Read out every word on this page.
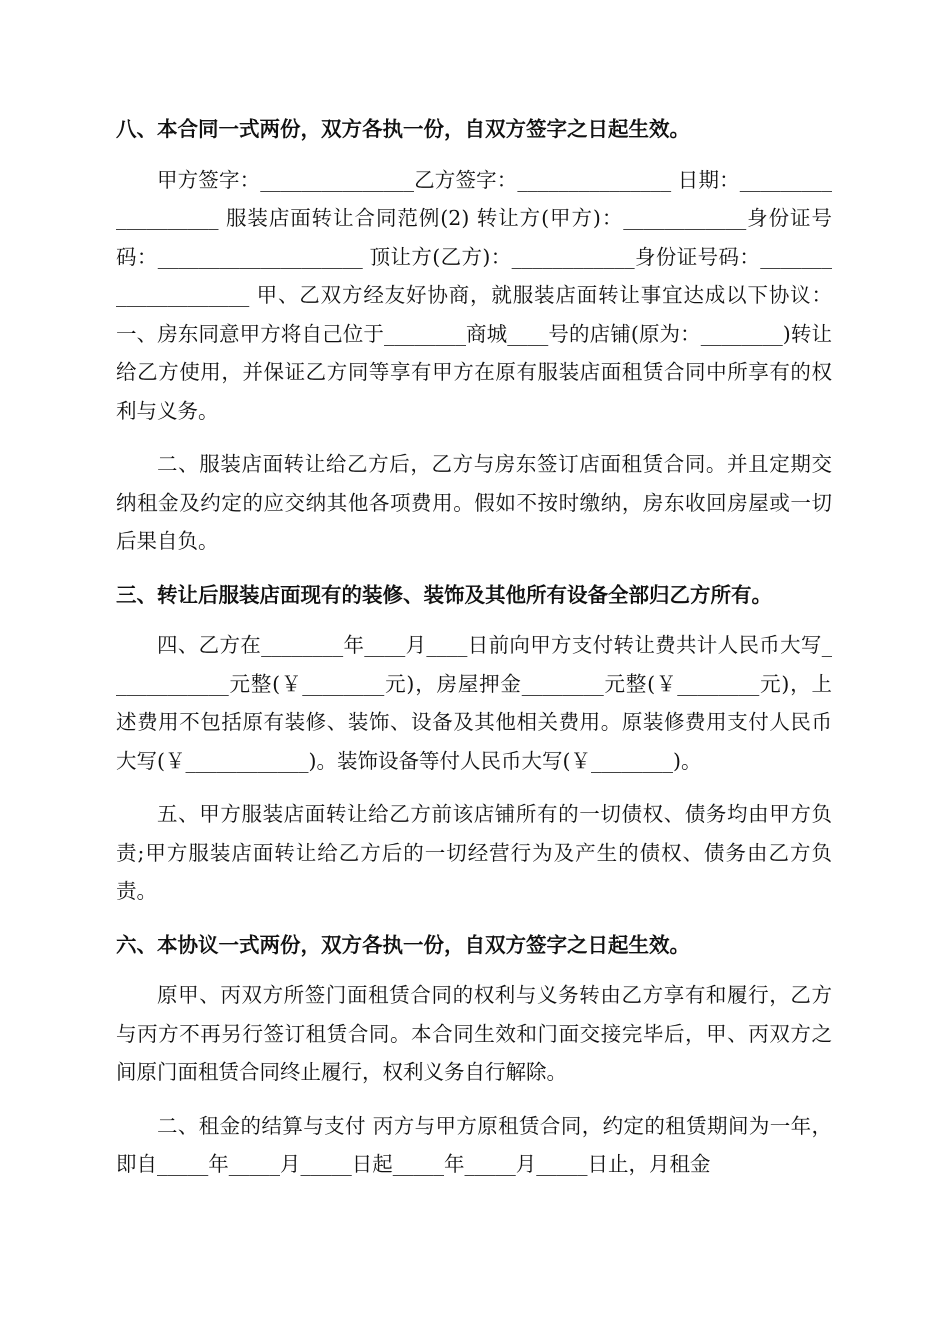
八、本合同一式两份，双方各执一份，自双方签字之日起生效。

甲方签字：_______________乙方签字：_______________ 日期：___________________ 服装店面转让合同范例(2) 转让方(甲方)：____________身份证号码：____________________ 顶让方(乙方)：____________身份证号码：____________________ 甲、乙双方经友好协商，就服装店面转让事宜达成以下协议： 一、房东同意甲方将自己位于________商城____号的店铺(原为：________)转让给乙方使用，并保证乙方同等享有甲方在原有服装店面租赁合同中所享有的权利与义务。

二、服装店面转让给乙方后，乙方与房东签订店面租赁合同。并且定期交纳租金及约定的应交纳其他各项费用。假如不按时缴纳，房东收回房屋或一切后果自负。

三、转让后服装店面现有的装修、装饰及其他所有设备全部归乙方所有。

四、乙方在________年____月____日前向甲方支付转让费共计人民币大写____________元整(￥________元)，房屋押金________元整(￥________元)，上述费用不包括原有装修、装饰、设备及其他相关费用。原装修费用支付人民币大写(￥____________)。装饰设备等付人民币大写(￥________)。

五、甲方服装店面转让给乙方前该店铺所有的一切债权、债务均由甲方负责;甲方服装店面转让给乙方后的一切经营行为及产生的债权、债务由乙方负责。

六、本协议一式两份，双方各执一份，自双方签字之日起生效。

原甲、丙双方所签门面租赁合同的权利与义务转由乙方享有和履行，乙方与丙方不再另行签订租赁合同。本合同生效和门面交接完毕后，甲、丙双方之间原门面租赁合同终止履行，权利义务自行解除。

二、租金的结算与支付 丙方与甲方原租赁合同，约定的租赁期间为一年，即自_____年_____月_____日起_____年_____月_____日止，月租金
